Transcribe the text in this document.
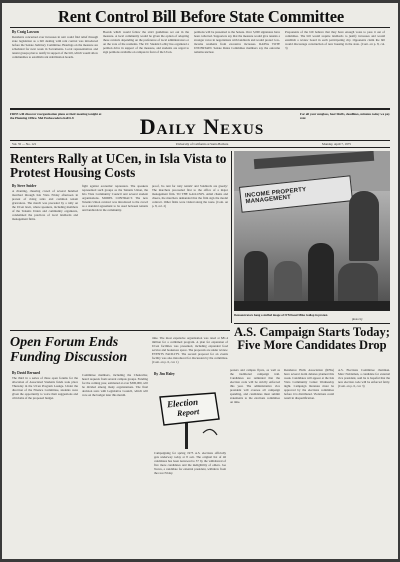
Rent Control Bill Before State Committee
By Craig Lawson
Residents concerned over increases in rent could find relief through state legislation as a bill dealing with rent control was introduced before the Senate Judiciary Committee. Hearings on the measure are scheduled for next week in Sacramento. Local representatives and tenant groups plan to testify in support of the bill, which would allow communities to establish rent stabilization boards.
Boards which would follow the strict guidelines set out in the measure. A local community would be given the option of adopting these controls depending on the preference of local administrators or on the vote of the residents. The UC Student Lobby has organized a petition drive in support of the measure, and students are urged to sign petitions available on campus in front of the UCen.
petitions will be presented to the Senate. Over 5,000 signatures have been collected. Supporters say that the measure would give tenants a stronger voice in negotiations with landlords and would protect low-income residents from excessive increases. RAINA VOTE UNCERTAIN. Senate Rules Committee members say the outcome remains unclear.
Proponents of the bill believe that they have enough votes to pass it out of committee. The bill would require landlords to justify increases and would establish a review board in each participating city. Opponents claim the bill would discourage construction of new housing in the state. (Cont. on p. 8, col. 3)
FREE will discover reorganization plans at their meeting tonight at the Planning Office. Mel Emboscadero hall 6-8
For all your sunglass, beer bluffs, deadlines, minutes today we pay rent
Daily Nexus
Vol. 55 — No. 121	University of California at Santa Barbara	Monday, April 7, 1975
Renters Rally at UCen, in Isla Vista to Protest Housing Costs
INCOME PROPERTY MANAGEMENT
Demonstrators hang a stuffed image of IVM head Mike Gallop in protest.
photo by
By Steve Snider
A chanting, cheering crowd of several hundred marched through Isla Vista Friday afternoon in protest of rising rents and common tenant grievances. The march was preceded by a rally on the UCen lawn, where speakers, including members of the Tenants Union and community organizers, condemned the practices of local landlords and management firms.
fight against economic repression. The speakers represented such groups as the Tenants Union, the Isla Vista Community Council and several student organizations. MODEL CONTRACT. The new Tenants Union contract was introduced to the crowd as a standard agreement to be used between tenants and landlords in the community.
proof, 'no rent for ratty rentals' and 'landlords are greedy.' The marchers proceeded first to the office of a major management firm. TO THE GALLOWS. Amid chants and cheers, the marchers demanded that the firm sign the model contract. Other firms were visited along the route. (Cont. on p. 8, col. 2)
Open Forum Ends Funding Discussion
By David Bernard
The third in a series of three open forums for the allocation of Associated Students funds took place Thursday in the UCen Program Lounge. Under the direction of the Finance Committee, students were given the opportunity to voice their suggestions and criticisms of the proposed budget.
Committee members, including the Chancellor, heard requests from several campus groups. Funding for the coming year, estimated at over $300,000, will be divided among many organizations. The final decision rests with Legislative Council, which will vote on the budget later this month.
time. The most expensive organization was rated at $81.4 million for a combined program. A plan for expansion of UCen facilities was presented, including expanded food service and bookstore space. The proposals are under review. EVENTS FACILITY. The second proposal for an events facility was also introduced for discussion by the committee. (Cont. on p. 6, col. 1)
A.S. Campaign Starts Today; Five More Candidates Drop
By Jim Haley
Election
Report
Campaigning for spring 1975 A.S. elections officially gets underway today at 8 a.m. The original list of 46 candidates has been narrowed to 37 by the withdrawal of five more candidates and the ineligibility of others. Joe Torres, a candidate for external president, withdrew from the race Friday.
posters and campus flyers, as well as the traditional campaign trail. Candidates are reminded that the election code will be strictly enforced this year. The administrative vice president will oversee all campaign spending, and candidates must submit statements to the elections committee on time.
Residence Halls Association (RHA) have several dorm debates planned this week. Candidates will appear at the Isla Vista Community Center Wednesday night. Campaign literature must be approved by the elections committee before it is distributed. Violations could result in disqualification.
A.S. Elections Committee chairman. Marc Nobleman, a candidate for external vice president, said he is hopeful that the new election code will be enforced fairly. (Cont. on p. 6, col. 3)
